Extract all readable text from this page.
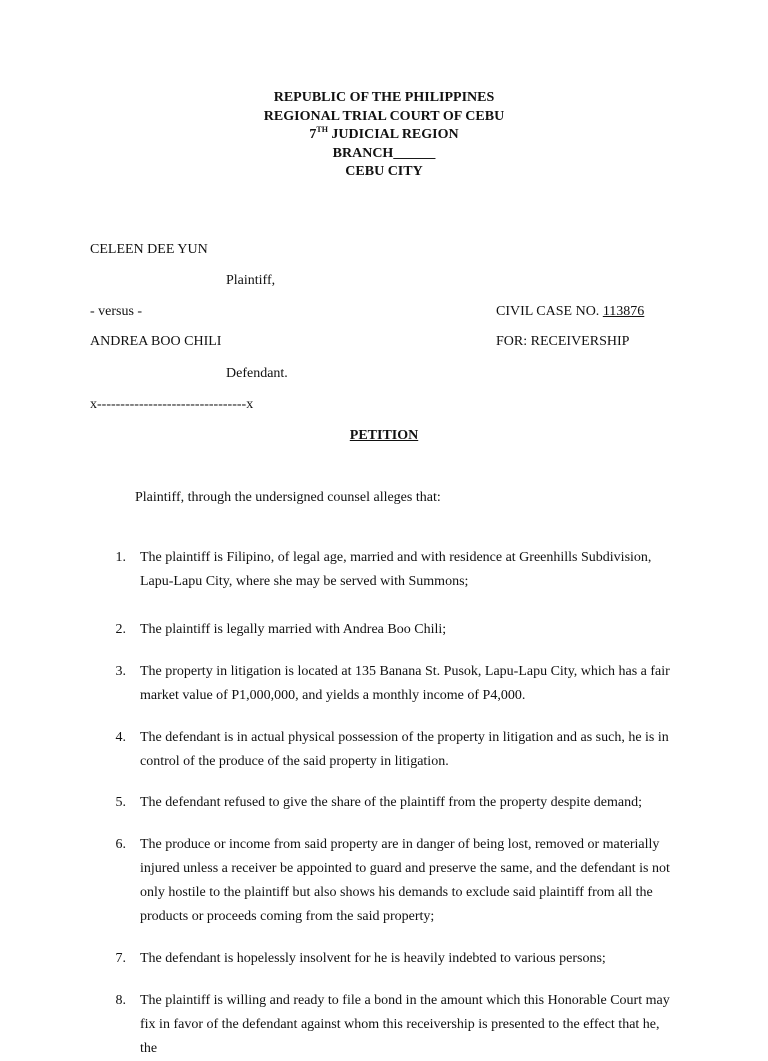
REPUBLIC OF THE PHILIPPINES
REGIONAL TRIAL COURT OF CEBU
7TH JUDICIAL REGION
BRANCH______
CEBU CITY
CELEEN DEE YUN
Plaintiff,
- versus -	CIVIL CASE NO. 113876
ANDREA BOO CHILI	FOR: RECEIVERSHIP
Defendant.
x--------------------------------x
PETITION
Plaintiff, through the undersigned counsel alleges that:
1.	The plaintiff is Filipino, of legal age, married and with residence at Greenhills Subdivision, Lapu-Lapu City, where she may be served with Summons;
2.	The plaintiff is legally married with Andrea Boo Chili;
3.	The property in litigation is located at 135 Banana St. Pusok, Lapu-Lapu City, which has a fair market value of P1,000,000, and yields a monthly income of P4,000.
4.	The defendant is in actual physical possession of the property in litigation and as such, he is in control of the produce of the said property in litigation.
5.	The defendant refused to give the share of the plaintiff from the property despite demand;
6.	The produce or income from said property are in danger of being lost, removed or materially injured unless a receiver be appointed to guard and preserve the same, and the defendant is not only hostile to the plaintiff but also shows his demands to exclude said plaintiff from all the products or proceeds coming from the said property;
7.	The defendant is hopelessly insolvent for he is heavily indebted to various persons;
8.	The plaintiff is willing and ready to file a bond in the amount which this Honorable Court may fix in favor of the defendant against whom this receivership is presented to the effect that he, the
